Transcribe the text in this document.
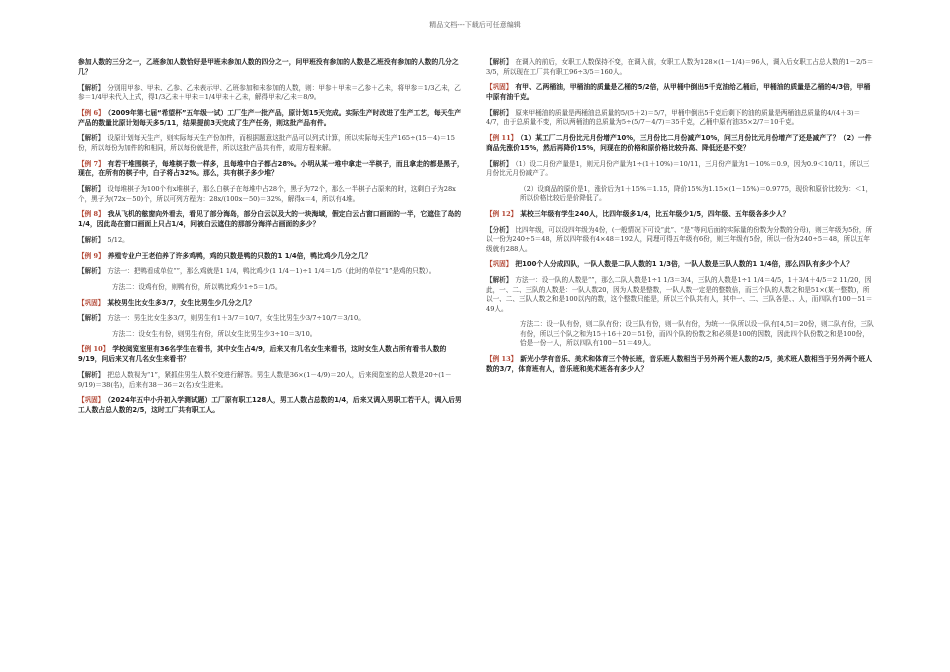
精品文档---下载后可任意编辑
参加人数的三分之一，乙班参加人数恰好是甲班未参加人数的四分之一，问甲班没有参加的人数是乙班没有参加的人数的几分之几？
【解析】 分别用甲参、甲未、乙参、乙未表示甲、乙班参加和未参加的人数，则：甲参＋甲未＝乙参＋乙未，将甲参＝1/3乙未，乙参＝1/4甲未代入上式，得1/3乙未＋甲未＝1/4甲未＋乙未，解得甲未/乙未＝8/9。
【例 6】 （2009年第七届“希望杯”五年级一试）工厂生产一批产品，原计划15天完成。实际生产时改进了生产工艺，每天生产产品的数量比原计划每天多5/11，结果提前3天完成了生产任务，则这批产品有件。
【解析】 设原计划每天生产，则实际每天生产份加件，而根据题意这批产品可以列式计算，所以实际每天生产165÷(15－4)＝15份，所以每份为加件的和相同，所以每份就是件，所以这批产品共有件，或用方程来解。
【例 7】 有若干堆围棋子，每堆棋子数一样多，且每堆中白子都占28%。小明从某一堆中拿走一半棋子，而且拿走的都是黑子，现在，在所有的棋子中，白子将占32%。那么，共有棋子多少堆？
【解析】 设每堆棋子为100个有x堆棋子，那么白棋子在每堆中占28个，黑子为72个，那么一半棋子占原来的时，这剩白子为28x个，黑子为(72x－50)个，所以可列方程为：28x/(100x－50)＝32%，解得x＝4，所以有4堆。
【例 8】 我从飞机的舷窗向外看去，看见了部分海岛，部分白云以及大的一块海域，假定白云占窗口画面的一半，它遮住了岛的1/4，因此岛在窗口画面上只占1/4，问被白云遮住的那部分海洋占画面的多少？
【解析】 5/12。
【例 9】 养殖专业户王老伯养了许多鸡鸭，鸡的只数是鸭的只数的1 1/4倍，鸭比鸡少几分之几？
【解析】 方法一：把鸭看成单位“”，那么鸡就是1 1/4，鸭比鸡少(1 1/4－1)÷1 1/4＝1/5（此时的单位“1”是鸡的只数）。
方法二：设鸡有份，则鸭有份，所以鸭比鸡少1÷5＝1/5。
【巩固】 某校男生比女生多3/7，女生比男生少几分之几？
【解析】 方法一：男生比女生多3/7，则男生有1＋3/7＝10/7，女生比男生少3/7÷10/7＝3/10。
方法二：设女生有份，则男生有份，所以女生比男生少3÷10＝3/10。
【例 10】 学校阅览室里有36名学生在看书，其中女生占4/9，后来又有几名女生来看书，这时女生人数占所有看书人数的9/19，问后来又有几名女生来看书？
【解析】 把总人数视为“1”，紧抓住男生人数不变进行解答。男生人数是36×(1－4/9)＝20人，后来阅览室的总人数是20÷(1－9/19)＝38(名)，后来有38－36＝2(名)女生进来。
【巩固】 （2024年五中小升初入学测试题）工厂原有职工128人，男工人数占总数的1/4，后来又调入男职工若干人，调入后男工人数占总人数的2/5，这时工厂共有职工人。
【解析】 在调入的前后，女职工人数保持不变，在调入前，女职工人数为128×(1－1/4)＝96人，调入后女职工占总人数的1－2/5＝3/5，所以现在工厂共有职工96÷3/5＝160人。
【巩固】 有甲、乙两桶油，甲桶油的质量是乙桶的5/2倍，从甲桶中倒出5千克油给乙桶后，甲桶油的质量是乙桶的4/3倍，甲桶中原有油千克。
【解析】 原来甲桶油的质量是两桶油总质量的5/(5＋2)＝5/7，甲桶中倒出5千克后剩下的油的质量是两桶油总质量的4/(4＋3)＝4/7，由于总质量不变，所以两桶油的总质量为5÷(5/7－4/7)＝35千克，乙桶中原有油35×2/7＝10千克。
【例 11】 （1）某工厂二月份比元月份增产10%，三月份比二月份减产10%，问三月份比元月份增产了还是减产了？（2）一件商品先涨价15%，然后再降价15%，问现在的价格和原价格比较升高、降低还是不变？
【解析】 （1）设二月份产量是1，则元月份产量为1÷(1＋10%)＝10/11，三月份产量为1－10%＝0.9，因为0.9＜10/11，所以三月份比元月份减产了。
（2）设商品的原价是1，涨价后为1＋15%＝1.15，降价15%为1.15×(1－15%)＝0.9775，现价和原价比较为：＜1，所以价格比较后是价降低了。
【例 12】 某校三年级有学生240人，比四年级多1/4，比五年级少1/5，四年级、五年级各多少人？
【分析】 比四年级，可以设四年级为4份，(一般情况下可设“此”、“是”等问后面的实际量的份数为分数的分母)，则三年级为5份，所以一份为240÷5＝48，所以四年级有4×48＝192人，同理可得五年级有6份，则三年级有5份，所以一份为240÷5＝48，所以五年级就有288人。
【巩固】 把100个人分成四队，一队人数是二队人数的1 1/3倍，一队人数是三队人数的1 1/4倍，那么四队有多少个人？
【解析】 方法一：设一队的人数是“”，那么二队人数是1÷1 1/3＝3/4，三队的人数是1÷1 1/4＝4/5，1＋3/4＋4/5＝2 11/20，因此，一、二、三队的人数是：一队人数20，因为人数是整数，一队人数一定是的整数倍，而三个队的人数之和是51×(某一整数)，所以一、二、三队人数之和是100以内的数，这个整数只能是，所以三个队共有人，其中一、二、三队各是、、人，而四队有100－51＝49人。
方法二：设一队有份，则二队有份；设三队有份，则一队有份，为统一一队所以设一队有[4,5]＝20份，则二队有份，三队有份，所以三个队之和为15＋16＋20＝51份，而四个队的份数之和必须是100的因数，因此四个队份数之和是100份，恰是一份一人，所以四队有100－51＝49人。
【例 13】 新光小学有音乐、美术和体育三个特长班，音乐班人数相当于另外两个班人数的2/5，美术班人数相当于另外两个班人数的3/7，体育班有人，音乐班和美术班各有多少人？
